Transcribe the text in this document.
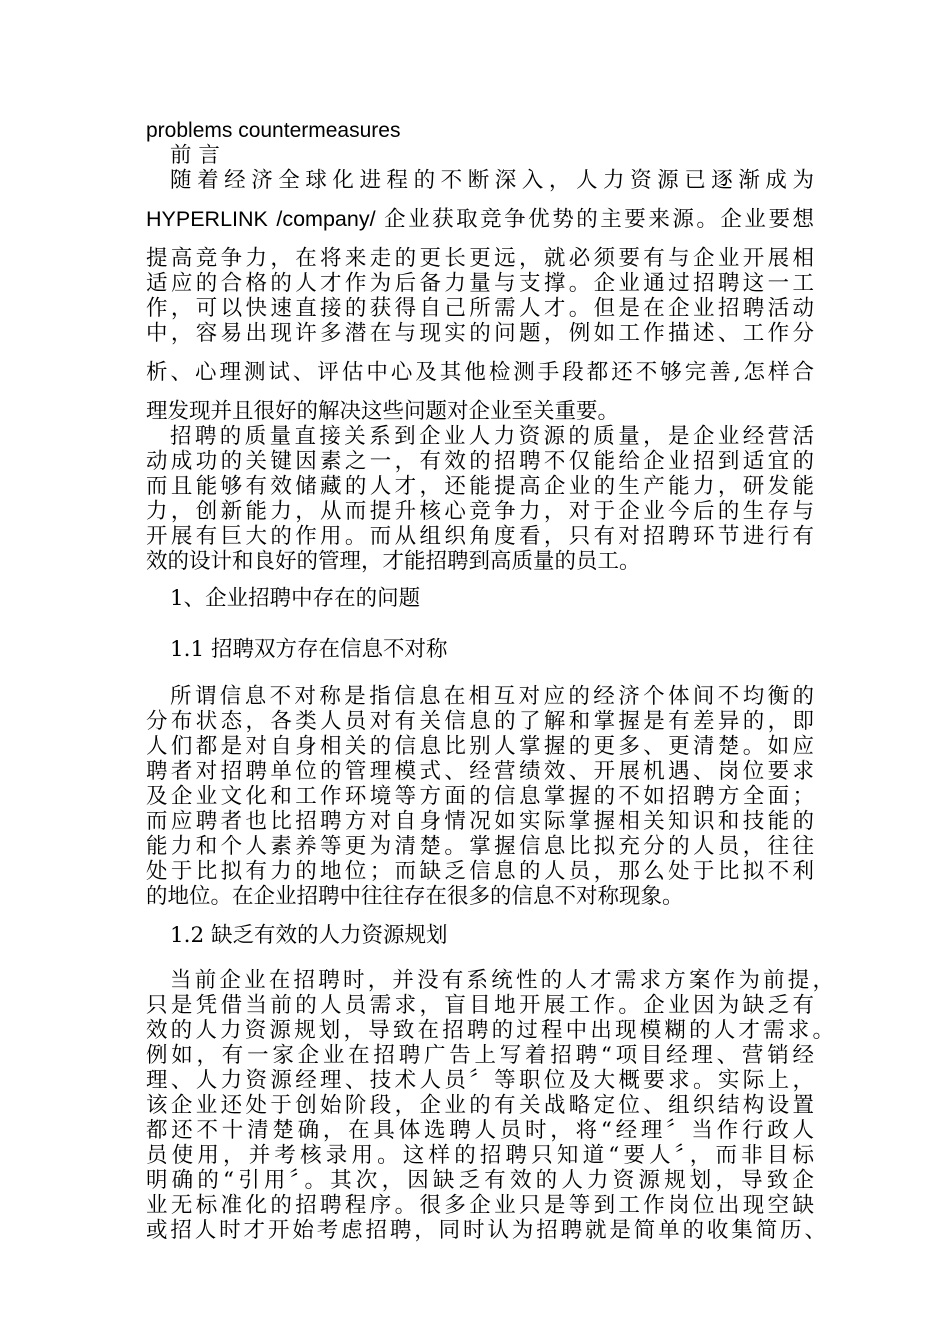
problems countermeasures
前 言
随着经济全球化进程的不断深入，人力资源已逐渐成为
HYPERLINK /company/ 企业获取竞争优势的主要来源。企业要想
提高竞争力，在将来走的更长更远，就必须要有与企业开展相
适应的合格的人才作为后备力量与支撑。企业通过招聘这一工
作，可以快速直接的获得自己所需人才。但是在企业招聘活动
中，容易出现许多潜在与现实的问题，例如工作描述、工作分
析、心理测试、评估中心及其他检测手段都还不够完善,怎样合
理发现并且很好的解决这些问题对企业至关重要。
招聘的质量直接关系到企业人力资源的质量，是企业经营活
动成功的关键因素之一，有效的招聘不仅能给企业招到适宜的
而且能够有效储藏的人才，还能提高企业的生产能力，研发能
力，创新能力，从而提升核心竞争力，对于企业今后的生存与
开展有巨大的作用。而从组织角度看，只有对招聘环节进行有
效的设计和良好的管理，才能招聘到高质量的员工。
1、企业招聘中存在的问题
1.1 招聘双方存在信息不对称
所谓信息不对称是指信息在相互对应的经济个体间不均衡的
分布状态，各类人员对有关信息的了解和掌握是有差异的，即
人们都是对自身相关的信息比别人掌握的更多、更清楚。如应
聘者对招聘单位的管理模式、经营绩效、开展机遇、岗位要求
及企业文化和工作环境等方面的信息掌握的不如招聘方全面；
而应聘者也比招聘方对自身情况如实际掌握相关知识和技能的
能力和个人素养等更为清楚。掌握信息比拟充分的人员，往往
处于比拟有力的地位；而缺乏信息的人员，那么处于比拟不利
的地位。在企业招聘中往往存在很多的信息不对称现象。
1.2 缺乏有效的人力资源规划
当前企业在招聘时，并没有系统性的人才需求方案作为前提，
只是凭借当前的人员需求，盲目地开展工作。企业因为缺乏有
效的人力资源规划，导致在招聘的过程中出现模糊的人才需求。
例如，有一家企业在招聘广告上写着招聘“项目经理、营销经
理、人力资源经理、技术人员〞等职位及大概要求。实际上，
该企业还处于创始阶段，企业的有关战略定位、组织结构设置
都还不十清楚确，在具体选聘人员时，将“经理〞当作行政人
员使用，并考核录用。这样的招聘只知道“要人〞，而非目标
明确的“引用〞。其次，因缺乏有效的人力资源规划，导致企
业无标准化的招聘程序。很多企业只是等到工作岗位出现空缺
或招人时才开始考虑招聘，同时认为招聘就是简单的收集简历、
